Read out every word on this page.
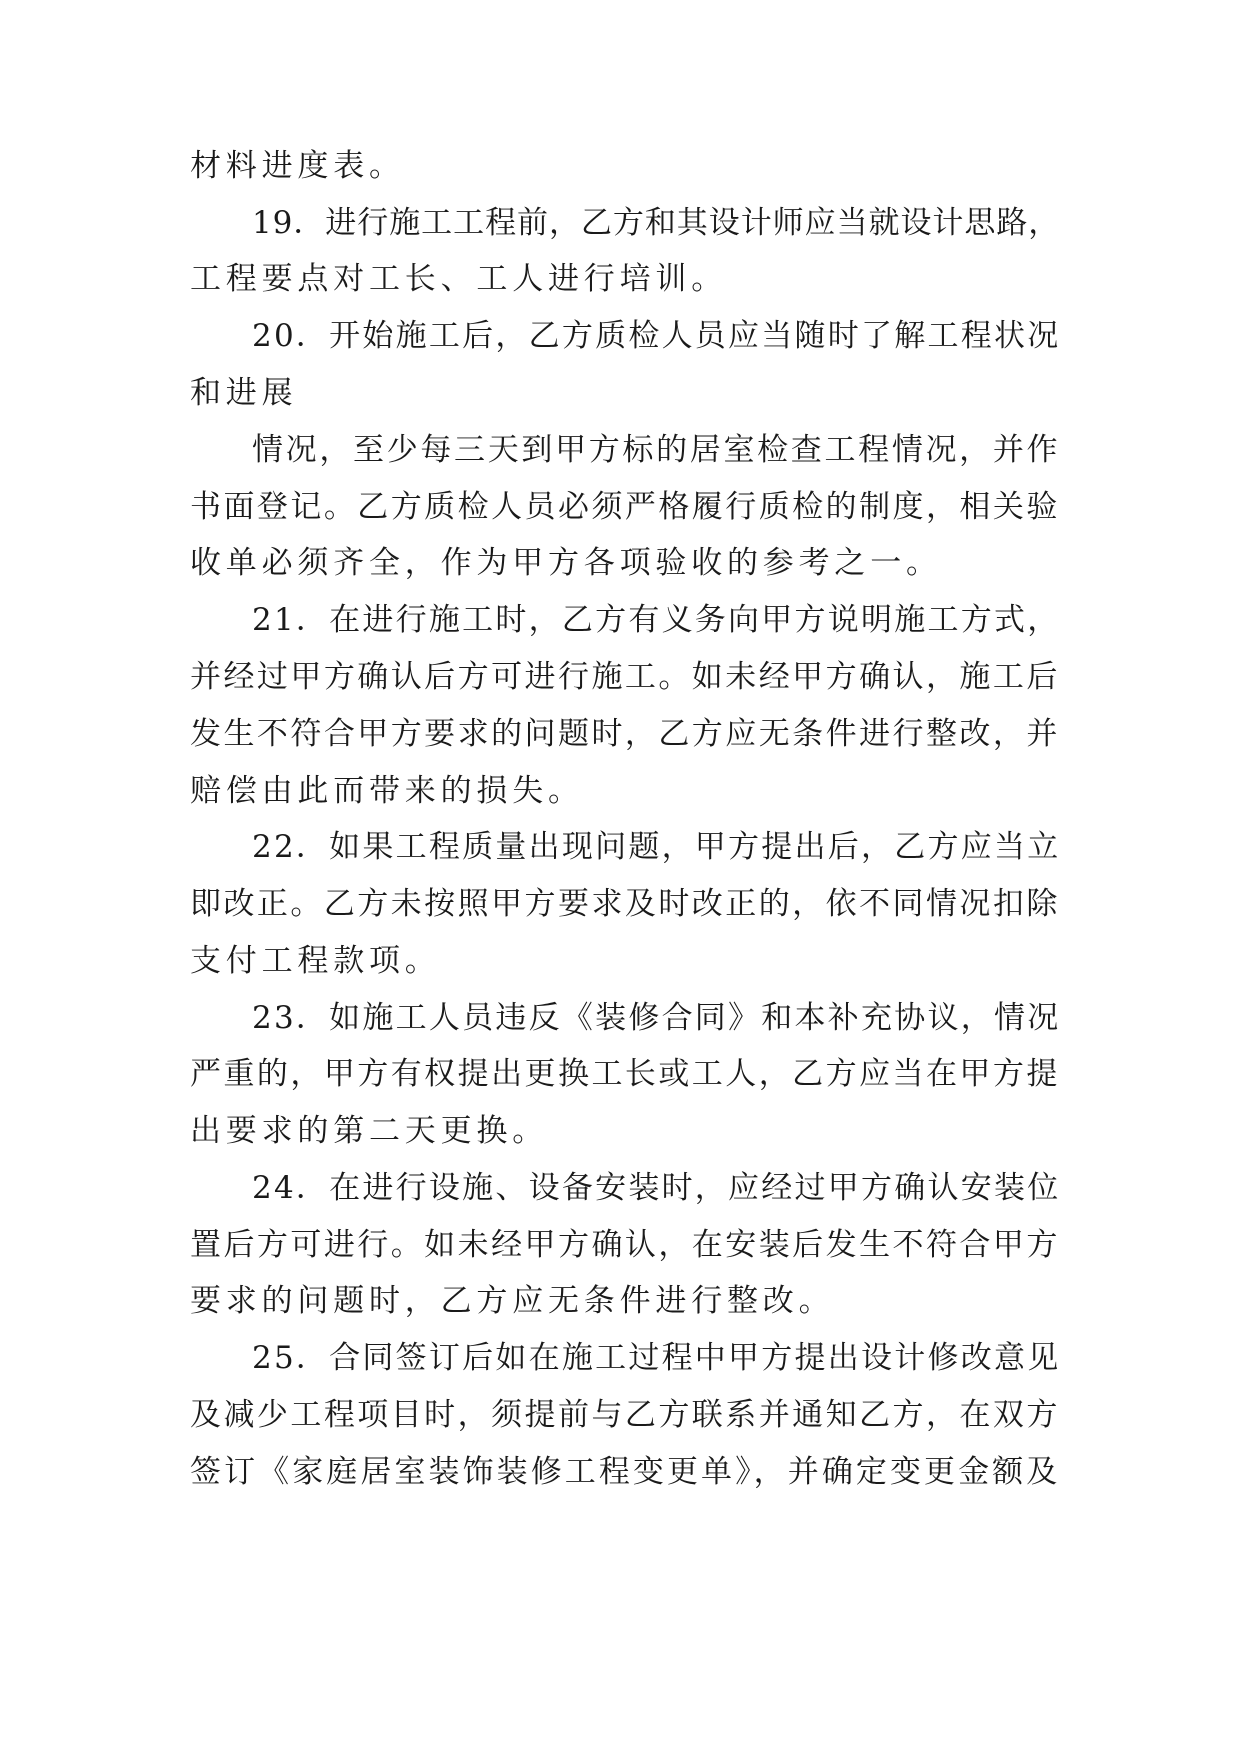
材料进度表。
19．进行施工工程前，乙方和其设计师应当就设计思路，
工程要点对工长、工人进行培训。
20．开始施工后，乙方质检人员应当随时了解工程状况
和进展
情况，至少每三天到甲方标的居室检查工程情况，并作
书面登记。乙方质检人员必须严格履行质检的制度，相关验
收单必须齐全，作为甲方各项验收的参考之一。
21．在进行施工时，乙方有义务向甲方说明施工方式，
并经过甲方确认后方可进行施工。如未经甲方确认，施工后
发生不符合甲方要求的问题时，乙方应无条件进行整改，并
赔偿由此而带来的损失。
22．如果工程质量出现问题，甲方提出后，乙方应当立
即改正。乙方未按照甲方要求及时改正的，依不同情况扣除
支付工程款项。
23．如施工人员违反《装修合同》和本补充协议，情况
严重的，甲方有权提出更换工长或工人，乙方应当在甲方提
出要求的第二天更换。
24．在进行设施、设备安装时，应经过甲方确认安装位
置后方可进行。如未经甲方确认，在安装后发生不符合甲方
要求的问题时，乙方应无条件进行整改。
25．合同签订后如在施工过程中甲方提出设计修改意见
及减少工程项目时，须提前与乙方联系并通知乙方，在双方
签订《家庭居室装饰装修工程变更单》，并确定变更金额及
